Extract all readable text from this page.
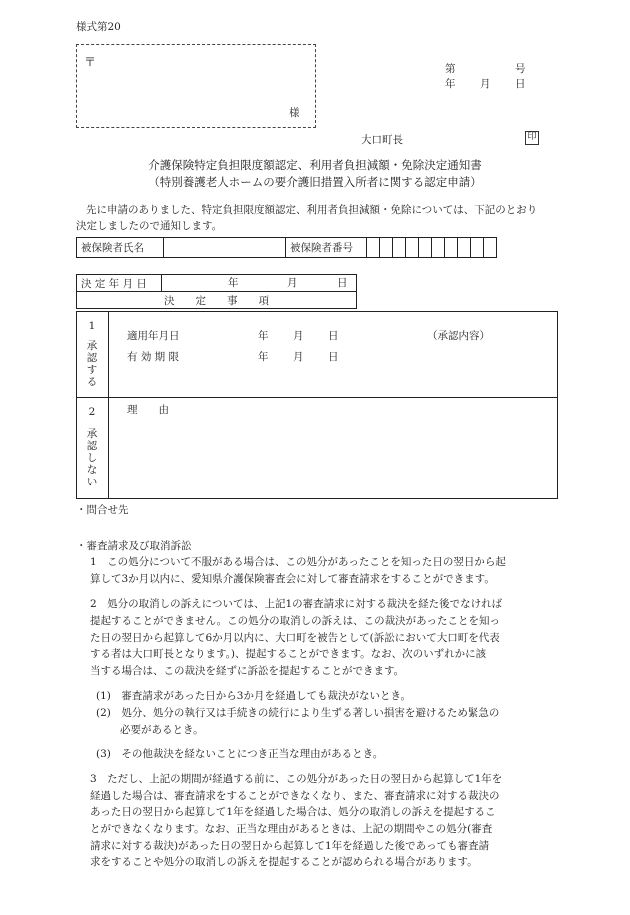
様式第20
〒
様
第	号
年 月 日
大口町長	印
介護保険特定負担限度額認定、利用者負担減額・免除決定通知書
（特別養護老人ホームの要介護旧措置入所者に関する認定申請）
先に申請のありました、特定負担限度額認定、利用者負担減額・免除については、下記のとおり決定しましたので通知します。
被保険者氏名		被保険者番号										
決 定 年 月 日	年	月	日

決　　定　　事　　項
1
承
認
す
る
適用年月日	年 月 日	（承認内容）
有 効 期 限	年 月 日
2
承
認
し
な
い
理　　由
・問合せ先
・審査請求及び取消訴訟
1　この処分について不服がある場合は、この処分があったことを知った日の翌日から起
算して3か月以内に、愛知県介護保険審査会に対して審査請求をすることができます。
2　処分の取消しの訴えについては、上記1の審査請求に対する裁決を経た後でなければ
提起することができません。この処分の取消しの訴えは、この裁決があったことを知っ
た日の翌日から起算して6か月以内に、大口町を被告として(訴訟において大口町を代表
する者は大口町長となります。)、提起することができます。なお、次のいずれかに該
当する場合は、この裁決を経ずに訴訟を提起することができます。
(1)　審査請求があった日から3か月を経過しても裁決がないとき。
(2)　処分、処分の執行又は手続きの続行により生ずる著しい損害を避けるため緊急の
必要があるとき。
(3)　その他裁決を経ないことにつき正当な理由があるとき。
3　ただし、上記の期間が経過する前に、この処分があった日の翌日から起算して1年を
経過した場合は、審査請求をすることができなくなり、また、審査請求に対する裁決の
あった日の翌日から起算して1年を経過した場合は、処分の取消しの訴えを提起するこ
とができなくなります。なお、正当な理由があるときは、上記の期間やこの処分(審査
請求に対する裁決)があった日の翌日から起算して1年を経過した後であっても審査請
求をすることや処分の取消しの訴えを提起することが認められる場合があります。
